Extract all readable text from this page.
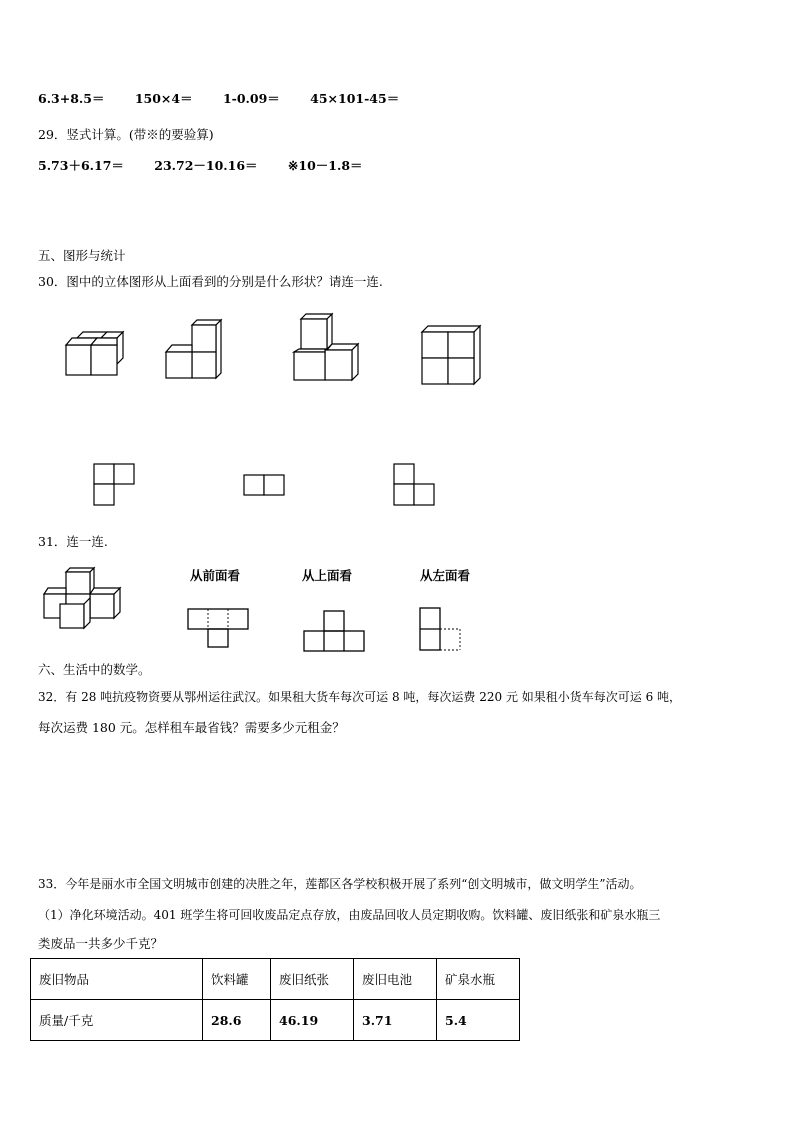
6.3+8.5＝ 150×4＝ 1-0.09＝ 45×101-45＝
29．竖式计算。(带※的要验算)
5.73＋6.17＝ 23.72－10.16＝ ※10－1.8＝
五、图形与统计
30．图中的立体图形从上面看到的分别是什么形状？请连一连.
31．连一连.
从前面看	从上面看	从左面看
六、生活中的数学。
32．有 28 吨抗疫物资要从鄂州运往武汉。如果租大货车每次可运 8 吨，每次运费 220 元 如果租小货车每次可运 6 吨，
每次运费 180 元。怎样租车最省钱？需要多少元租金？
33．今年是丽水市全国文明城市创建的决胜之年，莲都区各学校积极开展了系列“创文明城市，做文明学生”活动。
（1）净化环境活动。401 班学生将可回收废品定点存放，由废品回收人员定期收购。饮料罐、废旧纸张和矿泉水瓶三
类废品一共多少千克？
废旧物品	饮料罐	废旧纸张	废旧电池	矿泉水瓶
质量/千克	28.6	46.19	3.71	5.4
